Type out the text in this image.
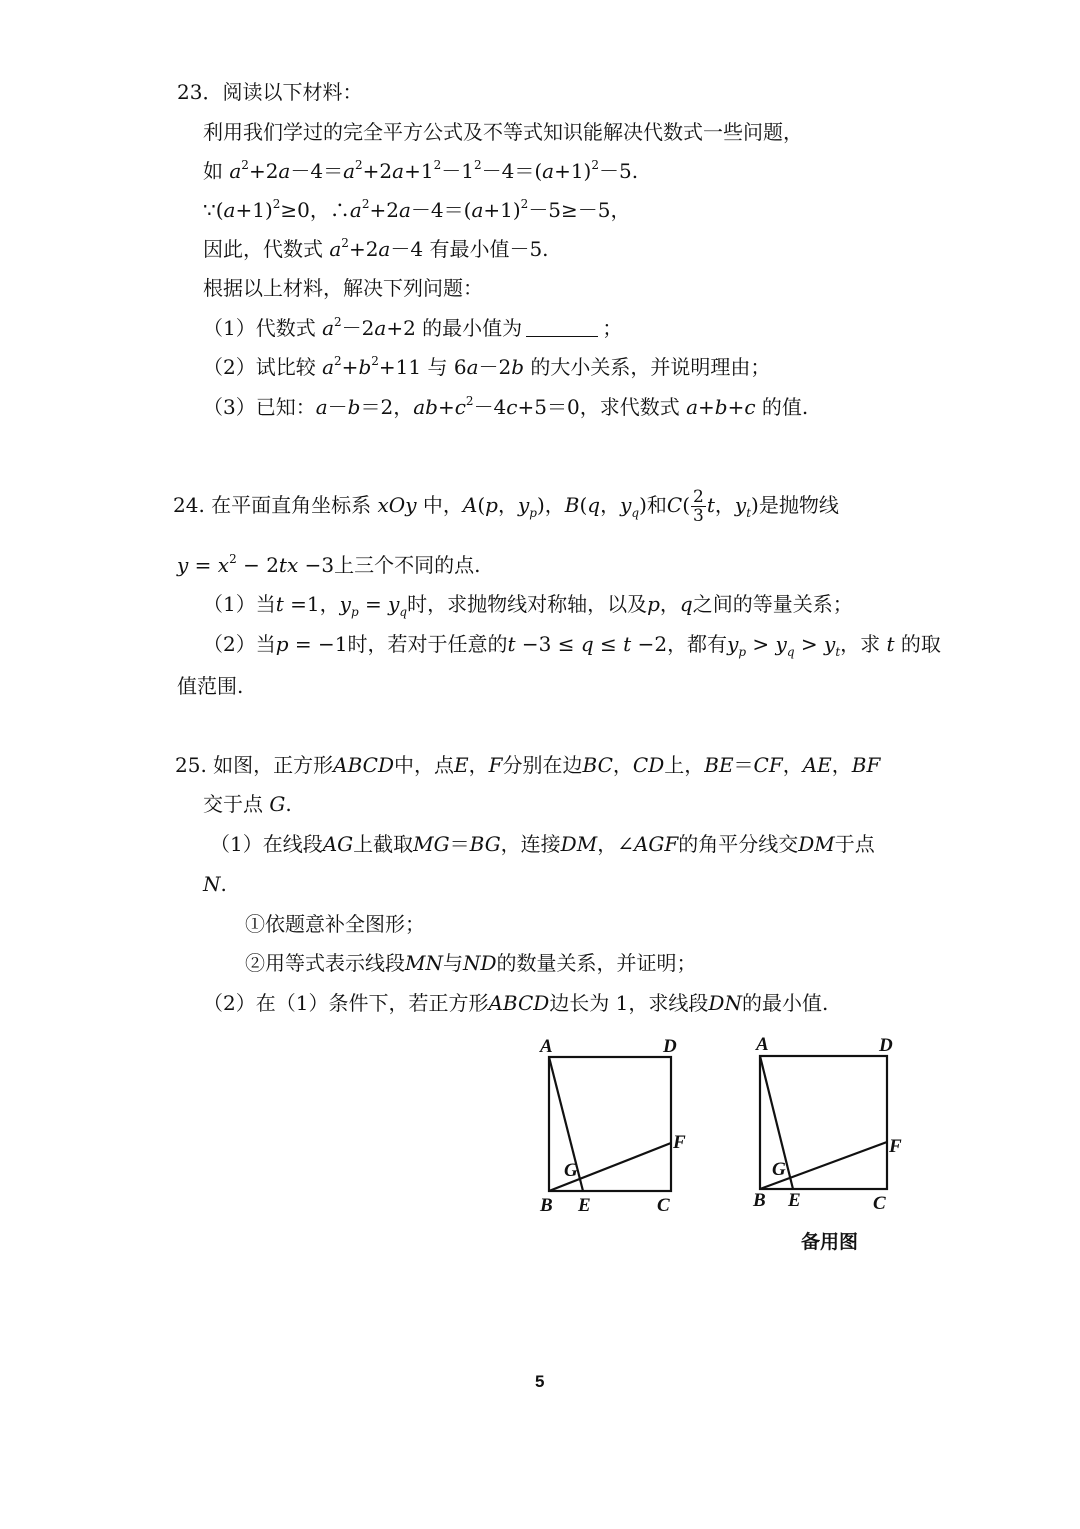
23．阅读以下材料：
利用我们学过的完全平方公式及不等式知识能解决代数式一些问题，
如 $a^2+2a-4=a^2+2a+1^2-1^2-4=(a+1)^2-5$.
$\because(a+1)^2\ge 0$，$\therefore a^2+2a-4=(a+1)^2-5\ge-5$，
因此，代数式 $a^2+2a-4$ 有最小值－5.
根据以上材料，解决下列问题：
（1）代数式 $a^2-2a+2$ 的最小值为	；
（2）试比较 $a^2+b^2+11$ 与 6a－2b 的大小关系，并说明理由；
（3）已知：a－b＝2，$ab+c^2-4c+5=0$，求代数式 a+b+c 的值.
24. 在平面直角坐标系 xOy 中，A(p，$y_p$)，B(q，$y_q$)和$C( \frac{2}{3}$ t，$y_t$)是抛物线
$y = x^2 - 2tx -3$上三个不同的点.
（1）当t =1，$y_p = y_q$时，求抛物线对称轴，以及p，q之间的等量关系；
（2）当p = −1时，若对于任意的t −3 ≤ q ≤ t −2，都有$y_p > y_q > y_t$，求 t 的取
值范围.
25. 如图，正方形ABCD中，点E，F分别在边BC，CD上，BE＝CF，AE，BF
交于点 G.
（1）在线段AG上截取MG＝BG，连接DM，∠AGF的角平分线交DM于点
N.
①依题意补全图形；
②用等式表示线段MN与ND的数量关系，并证明；
（2）在（1）条件下，若正方形ABCD边长为 1，求线段DN的最小值.
A	D
F
G
B E	C
A	D
F
G
B E	C
备用图
5
